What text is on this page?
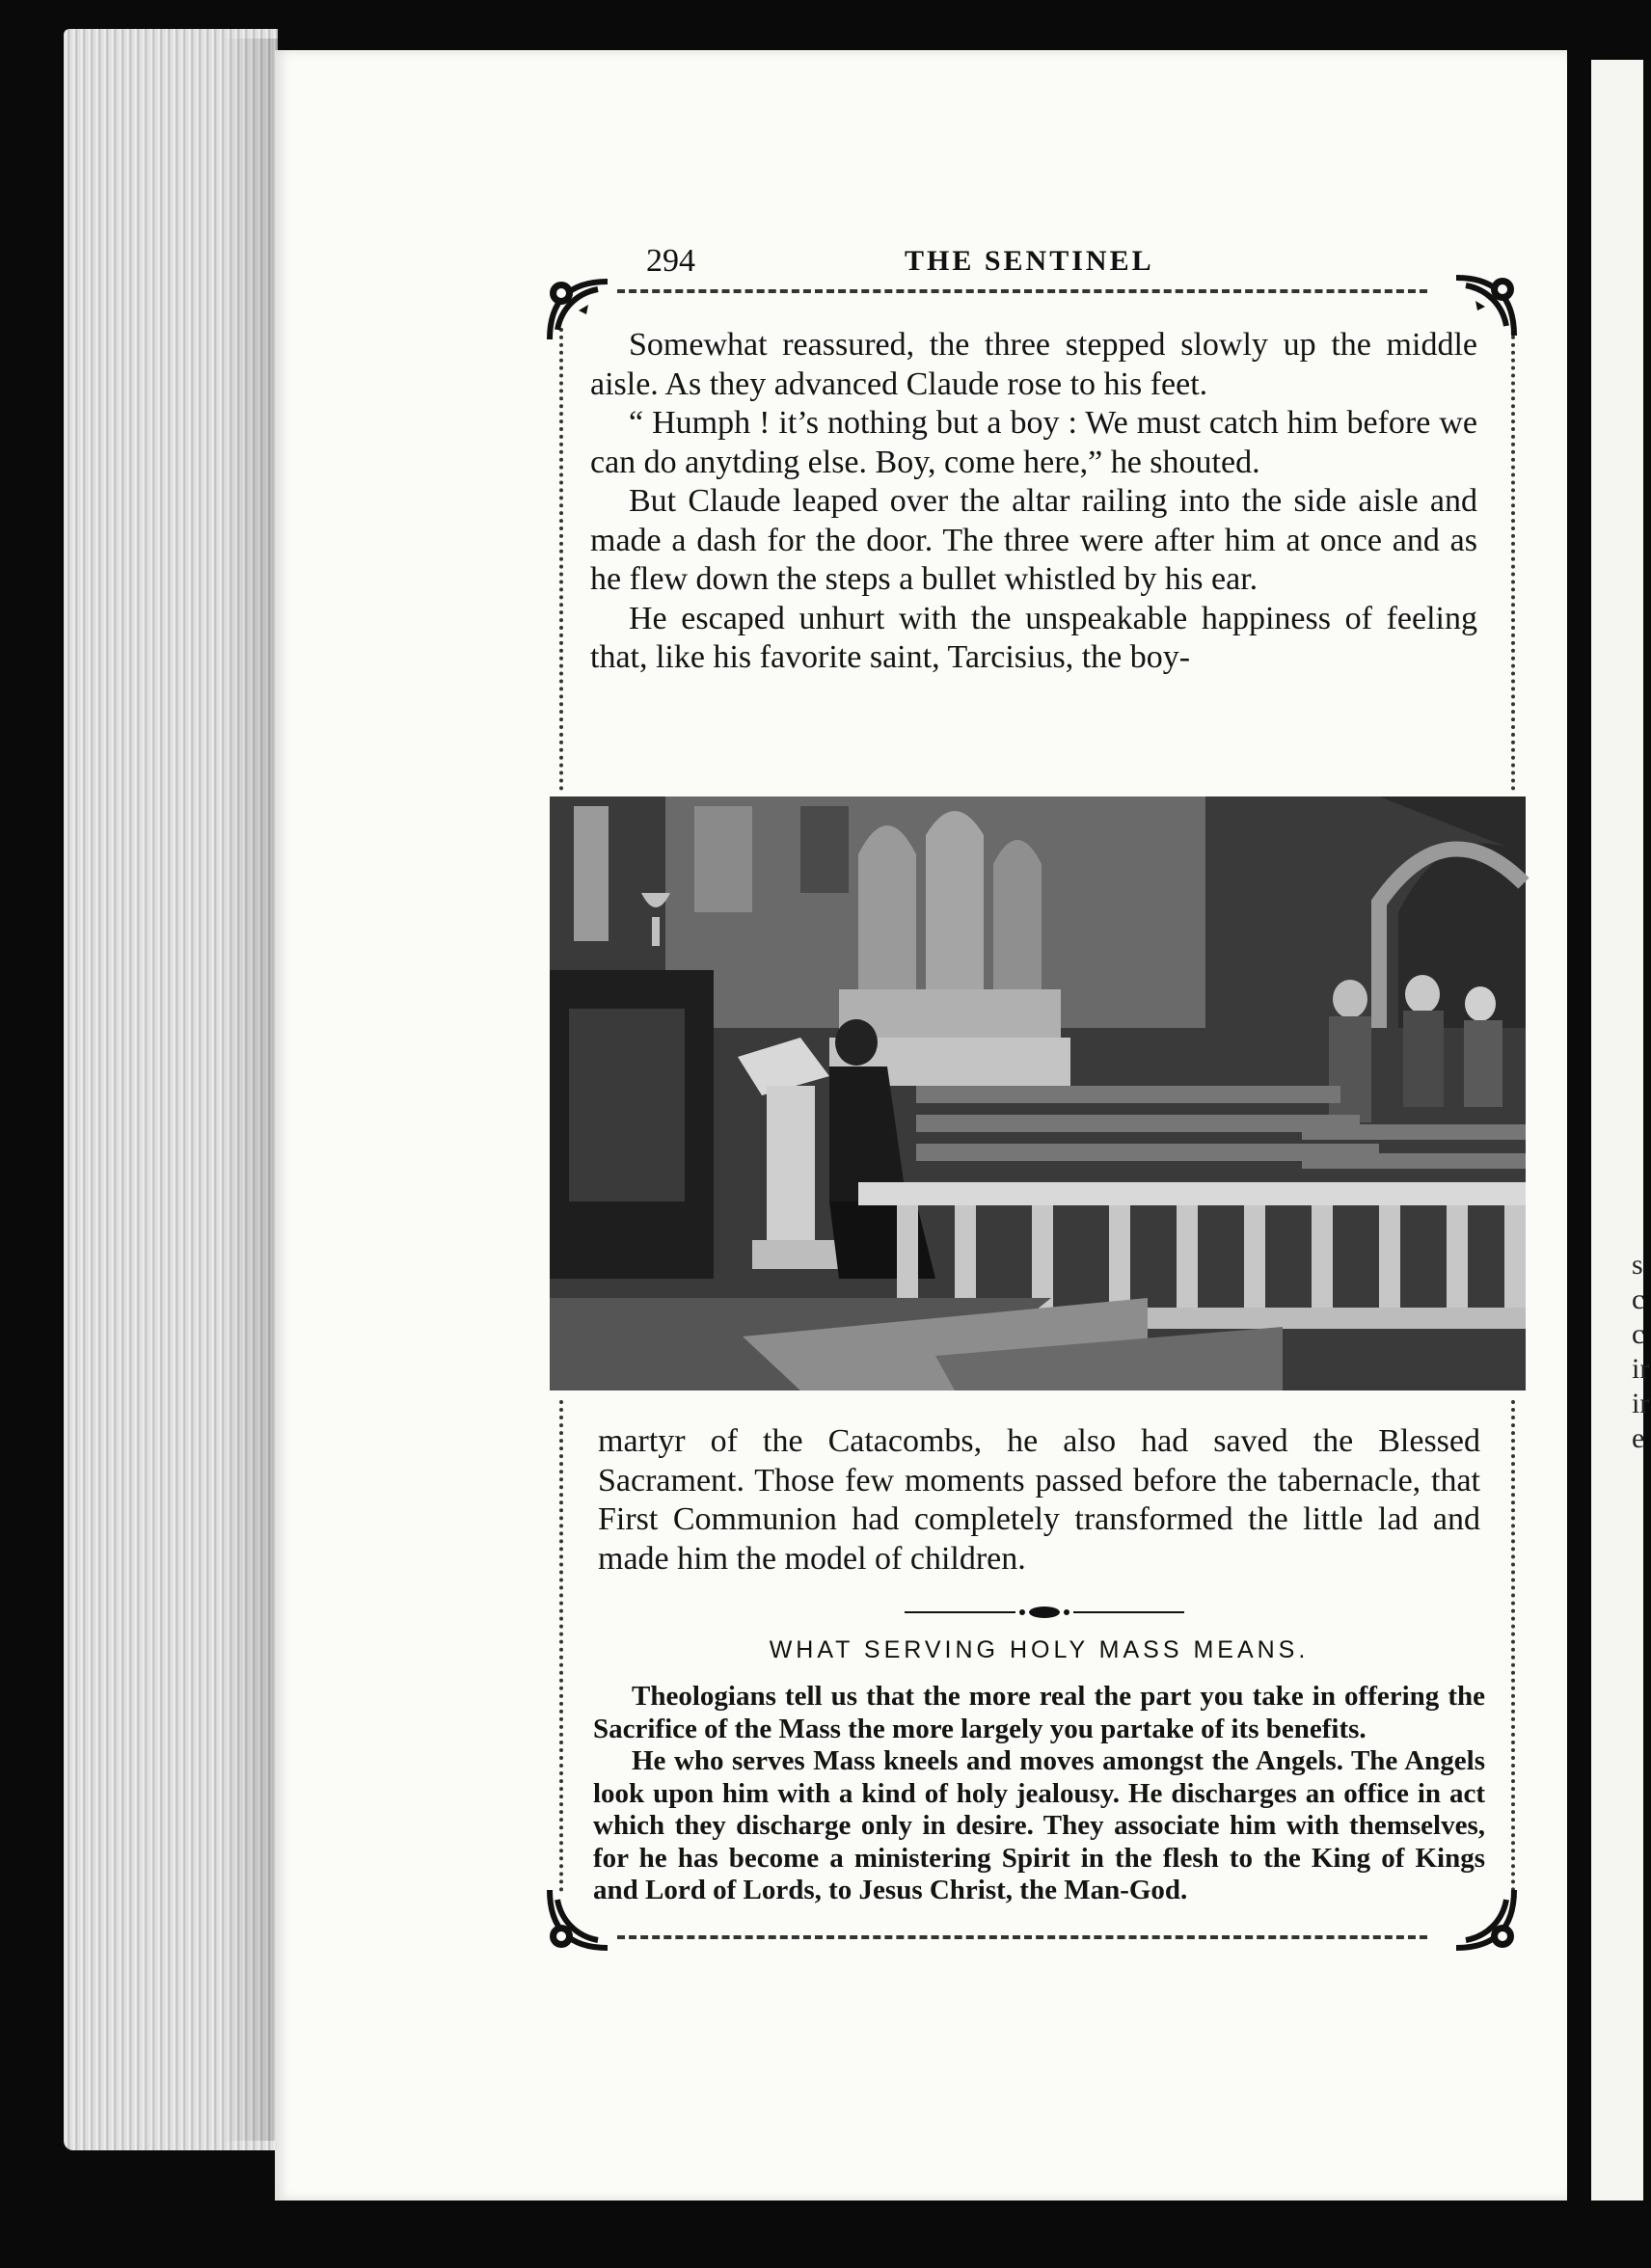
s
c
c
ir
ir
e
294	THE SENTINEL

Somewhat reassured, the three stepped slowly up the middle aisle. As they advanced Claude rose to his feet.

“ Humph ! it’s nothing but a boy : We must catch him before we can do anytding else. Boy, come here,” he shouted.

But Claude leaped over the altar railing into the side aisle and made a dash for the door. The three were after him at once and as he flew down the steps a bullet whistled by his ear.

He escaped unhurt with the unspeakable happiness of feeling that, like his favorite saint, Tarcisius, the boy-

martyr of the Catacombs, he also had saved the Blessed Sacrament. Those few moments passed before the tabernacle, that First Communion had completely transformed the little lad and made him the model of children.

WHAT SERVING HOLY MASS MEANS.

Theologians tell us that the more real the part you take in offering the Sacrifice of the Mass the more largely you partake of its benefits.

He who serves Mass kneels and moves amongst the Angels. The Angels look upon him with a kind of holy jealousy. He discharges an office in act which they discharge only in desire. They associate him with themselves, for he has become a ministering Spirit in the flesh to the King of Kings and Lord of Lords, to Jesus Christ, the Man-God.
